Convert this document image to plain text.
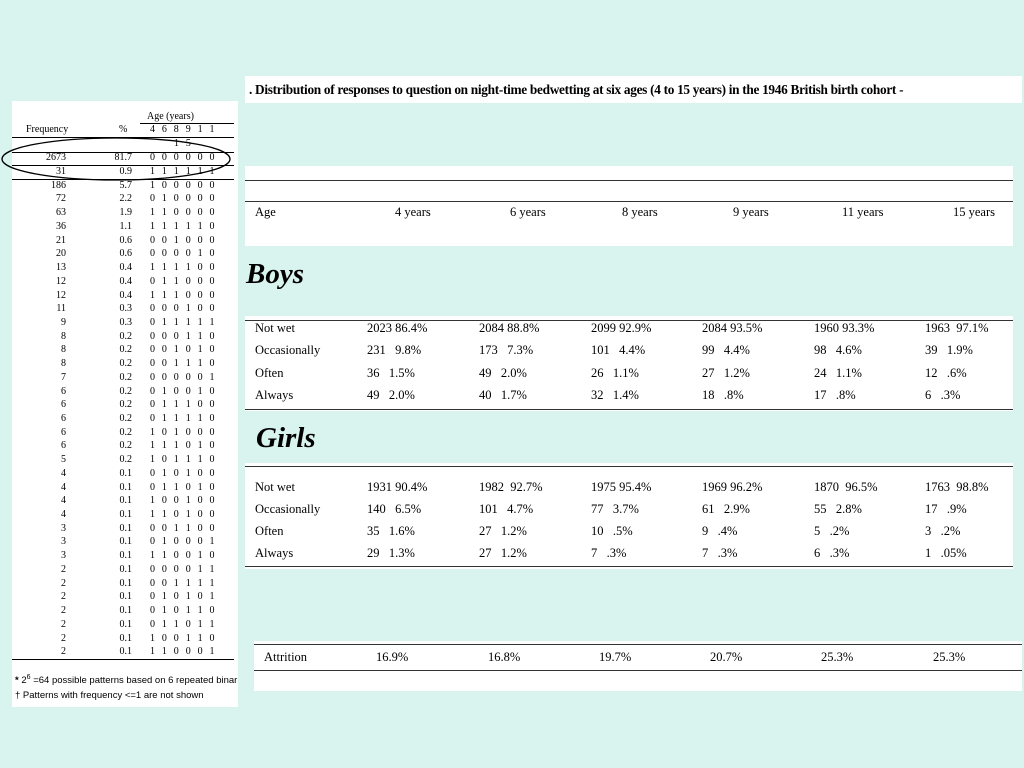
Age (years)
Frequency	% 4 6 8 9 1 1
1 5
2673	81.7 0 0 0 0 0 0
31	0.9 1 1 1 1 1 1
186	5.7 1 0 0 0 0 0
72	2.2 0 1 0 0 0 0
63	1.9 1 1 0 0 0 0
36	1.1 1 1 1 1 1 0
21	0.6 0 0 1 0 0 0
20	0.6 0 0 0 0 1 0
13	0.4 1 1 1 1 0 0
12	0.4 0 1 1 0 0 0
12	0.4 1 1 1 0 0 0
11	0.3 0 0 0 1 0 0
9	0.3 0 1 1 1 1 1
8	0.2 0 0 0 1 1 0
8	0.2 0 0 1 0 1 0
8	0.2 0 0 1 1 1 0
7	0.2 0 0 0 0 0 1
6	0.2 0 1 0 0 1 0
6	0.2 0 1 1 1 0 0
6	0.2 0 1 1 1 1 0
6	0.2 1 0 1 0 0 0
6	0.2 1 1 1 0 1 0
5	0.2 1 0 1 1 1 0
4	0.1 0 1 0 1 0 0
4	0.1 0 1 1 0 1 0
4	0.1 1 0 0 1 0 0
4	0.1 1 1 0 1 0 0
3	0.1 0 0 1 1 0 0
3	0.1 0 1 0 0 0 1
3	0.1 1 1 0 0 1 0
2	0.1 0 0 0 0 1 1
2	0.1 0 0 1 1 1 1
2	0.1 0 1 0 1 0 1
2	0.1 0 1 0 1 1 0
2	0.1 0 1 1 0 1 1
2	0.1 1 0 0 1 1 0
2	0.1 1 1 0 0 0 1
* $2^6 =64$ possible patterns based on 6 repeated binar
† Patterns with frequency <=1 are not shown
. Distribution of responses to question on night-time bedwetting at six ages (4 to 15 years) in the 1946 British birth cohort -
Age	4 years	6 years	8 years	9 years	11 years	15 years
Boys
Not wet	2023 86.4%	2084 88.8%	2099 92.9%	2084 93.5%	1960 93.3%	1963  97.1%
Occasionally	231   9.8%	173   7.3%	101   4.4%	99   4.4%	98   4.6%	39   1.9%
Often	36   1.5%	49   2.0%	26   1.1%	27   1.2%	24   1.1%	12   .6%
Always	49   2.0%	40   1.7%	32   1.4%	18   .8%	17   .8%	6   .3%
Girls
Not wet	1931 90.4%	1982  92.7%	1975 95.4%	1969 96.2%	1870  96.5%	1763  98.8%
Occasionally	140   6.5%	101   4.7%	77   3.7%	61   2.9%	55   2.8%	17   .9%
Often	35   1.6%	27   1.2%	10   .5%	9   .4%	5   .2%	3   .2%
Always	29   1.3%	27   1.2%	7   .3%	7   .3%	6   .3%	1   .05%
Attrition	16.9%	16.8%	19.7%	20.7%	25.3%	25.3%
